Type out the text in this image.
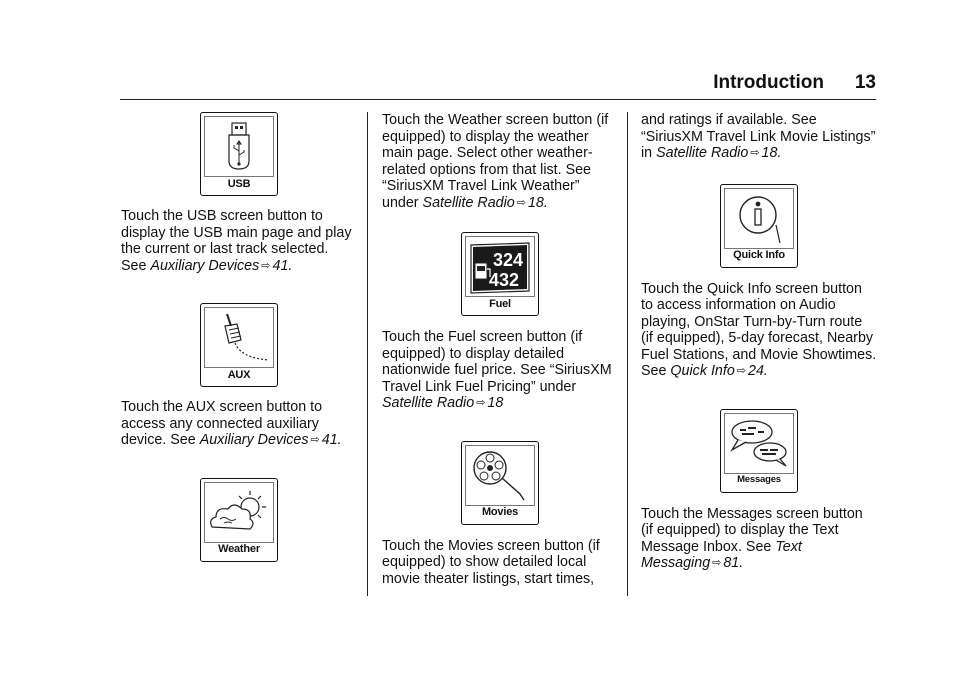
Introduction 13
USB

Touch the USB screen button to display the USB main page and play the current or last track selected. See Auxiliary Devices ⇨ 41.

AUX

Touch the AUX screen button to access any connected auxiliary device. See Auxiliary Devices ⇨ 41.

Weather

Touch the Weather screen button (if equipped) to display the weather main page. Select other weather-related options from that list. See “SiriusXM Travel Link Weather” under Satellite Radio ⇨ 18.

324
432
Fuel

Touch the Fuel screen button (if equipped) to display detailed nationwide fuel price. See “SiriusXM Travel Link Fuel Pricing” under Satellite Radio ⇨ 18

Movies

Touch the Movies screen button (if equipped) to show detailed local movie theater listings, start times,

and ratings if available. See “SiriusXM Travel Link Movie Listings” in Satellite Radio ⇨ 18.

Quick Info

Touch the Quick Info screen button to access information on Audio playing, OnStar Turn-by-Turn route (if equipped), 5-day forecast, Nearby Fuel Stations, and Movie Showtimes. See Quick Info ⇨ 24.

Messages

Touch the Messages screen button (if equipped) to display the Text Message Inbox. See Text Messaging ⇨ 81.
